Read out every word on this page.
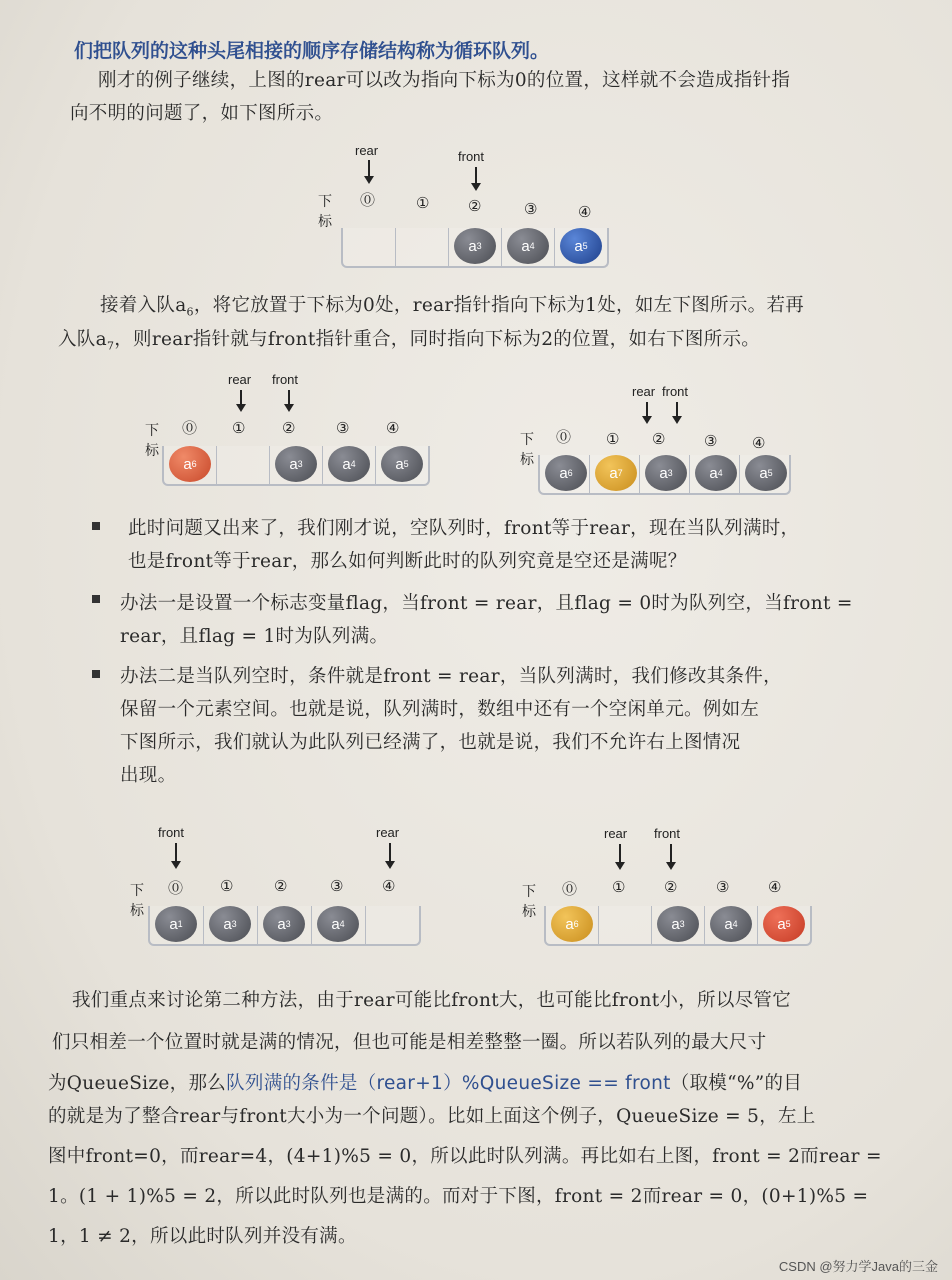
们把队列的这种头尾相接的顺序存储结构称为循环队列。
刚才的例子继续，上图的rear可以改为指向下标为0的位置，这样就不会造成指针指
向不明的问题了，如下图所示。
rear	front
下标
⓪	①	②	③	④
a 3	a 4	a 5
接着入队$a_6$，将它放置于下标为0处，rear指针指向下标为1处，如左下图所示。若再
入队$a_7$，则rear指针就与front指针重合，同时指向下标为2的位置，如右下图所示。
rear front
下标
⓪ ① ②	③ ④
a 6	a 3	a 4	a 5
rear front
下标
⓪ ① ②	③ ④
a 6	a 7	a 3	a 4	a 5
此时问题又出来了，我们刚才说，空队列时，front等于rear，现在当队列满时，
也是front等于rear，那么如何判断此时的队列究竟是空还是满呢？
办法一是设置一个标志变量flag，当front = rear，且flag = 0时为队列空，当front =
rear，且flag = 1时为队列满。
办法二是当队列空时，条件就是front = rear，当队列满时，我们修改其条件，
保留一个元素空间。也就是说，队列满时，数组中还有一个空闲单元。例如左
下图所示，我们就认为此队列已经满了，也就是说，我们不允许右上图情况
出现。
front	rear
下标
⓪ ①	②	③	④
a 1	a 3	a 3	a 4
rear front
下标
⓪ ①	②	③	④
a 6	a 3	a 4	a 5
我们重点来讨论第二种方法，由于rear可能比front大，也可能比front小，所以尽管它
们只相差一个位置时就是满的情况，但也可能是相差整整一圈。所以若队列的最大尺寸
为QueueSize，那么队列满的条件是（rear+1）%QueueSize == front（取模“%”的目
的就是为了整合rear与front大小为一个问题）。比如上面这个例子，QueueSize = 5，左上
图中front=0，而rear=4，(4+1)%5 = 0，所以此时队列满。再比如右上图，front = 2而rear =
1。(1 + 1)%5 = 2，所以此时队列也是满的。而对于下图，front = 2而rear = 0，(0+1)%5 =
1，1 ≠ 2，所以此时队列并没有满。
CSDN @努力学Java的三金
